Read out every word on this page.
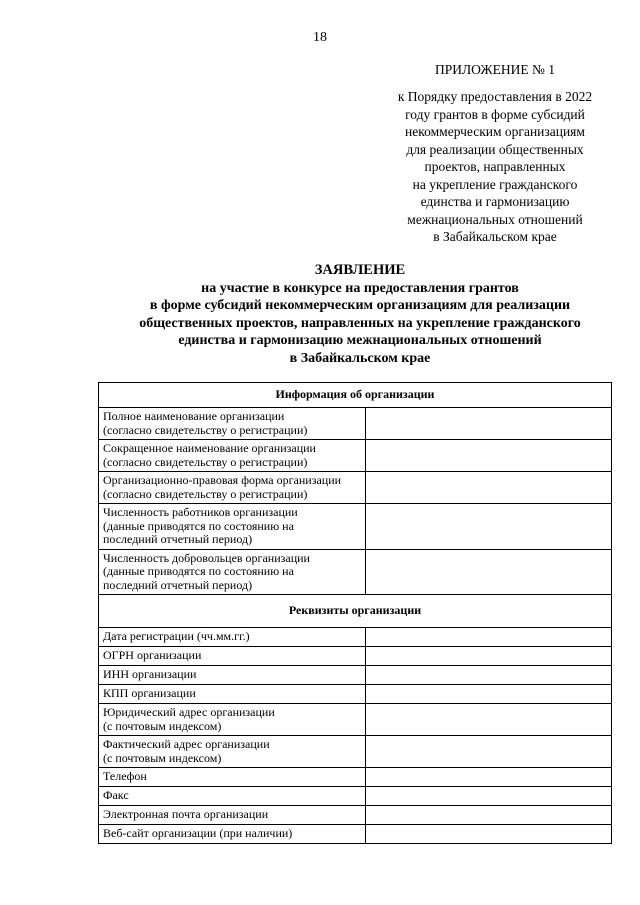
18
ПРИЛОЖЕНИЕ № 1
к Порядку предоставления в 2022
году грантов в форме субсидий
некоммерческим организациям
для реализации общественных
проектов, направленных
на укрепление гражданского
единства и гармонизацию
межнациональных отношений
в Забайкальском крае
ЗАЯВЛЕНИЕ
на участие в конкурсе на предоставления грантов
в форме субсидий некоммерческим организациям для реализации
общественных проектов, направленных на укрепление гражданского
единства и гармонизацию межнациональных отношений
в Забайкальском крае
Информация об организации	
Полное наименование организации
(согласно свидетельству о регистрации)	
Сокращенное наименование организации
(согласно свидетельству о регистрации)	
Организационно-правовая форма организации
(согласно свидетельству о регистрации)	
Численность работников организации
(данные приводятся по состоянию на
последний отчетный период)	
Численность добровольцев организации
(данные приводятся по состоянию на
последний отчетный период)	
Реквизиты организации	
Дата регистрации (чч.мм.гг.)	
ОГРН организации	
ИНН организации	
КПП организации	
Юридический адрес организации
(с почтовым индексом)	
Фактический адрес организации
(с почтовым индексом)	
Телефон	
Факс	
Электронная почта организации	
Веб-сайт организации (при наличии)	
